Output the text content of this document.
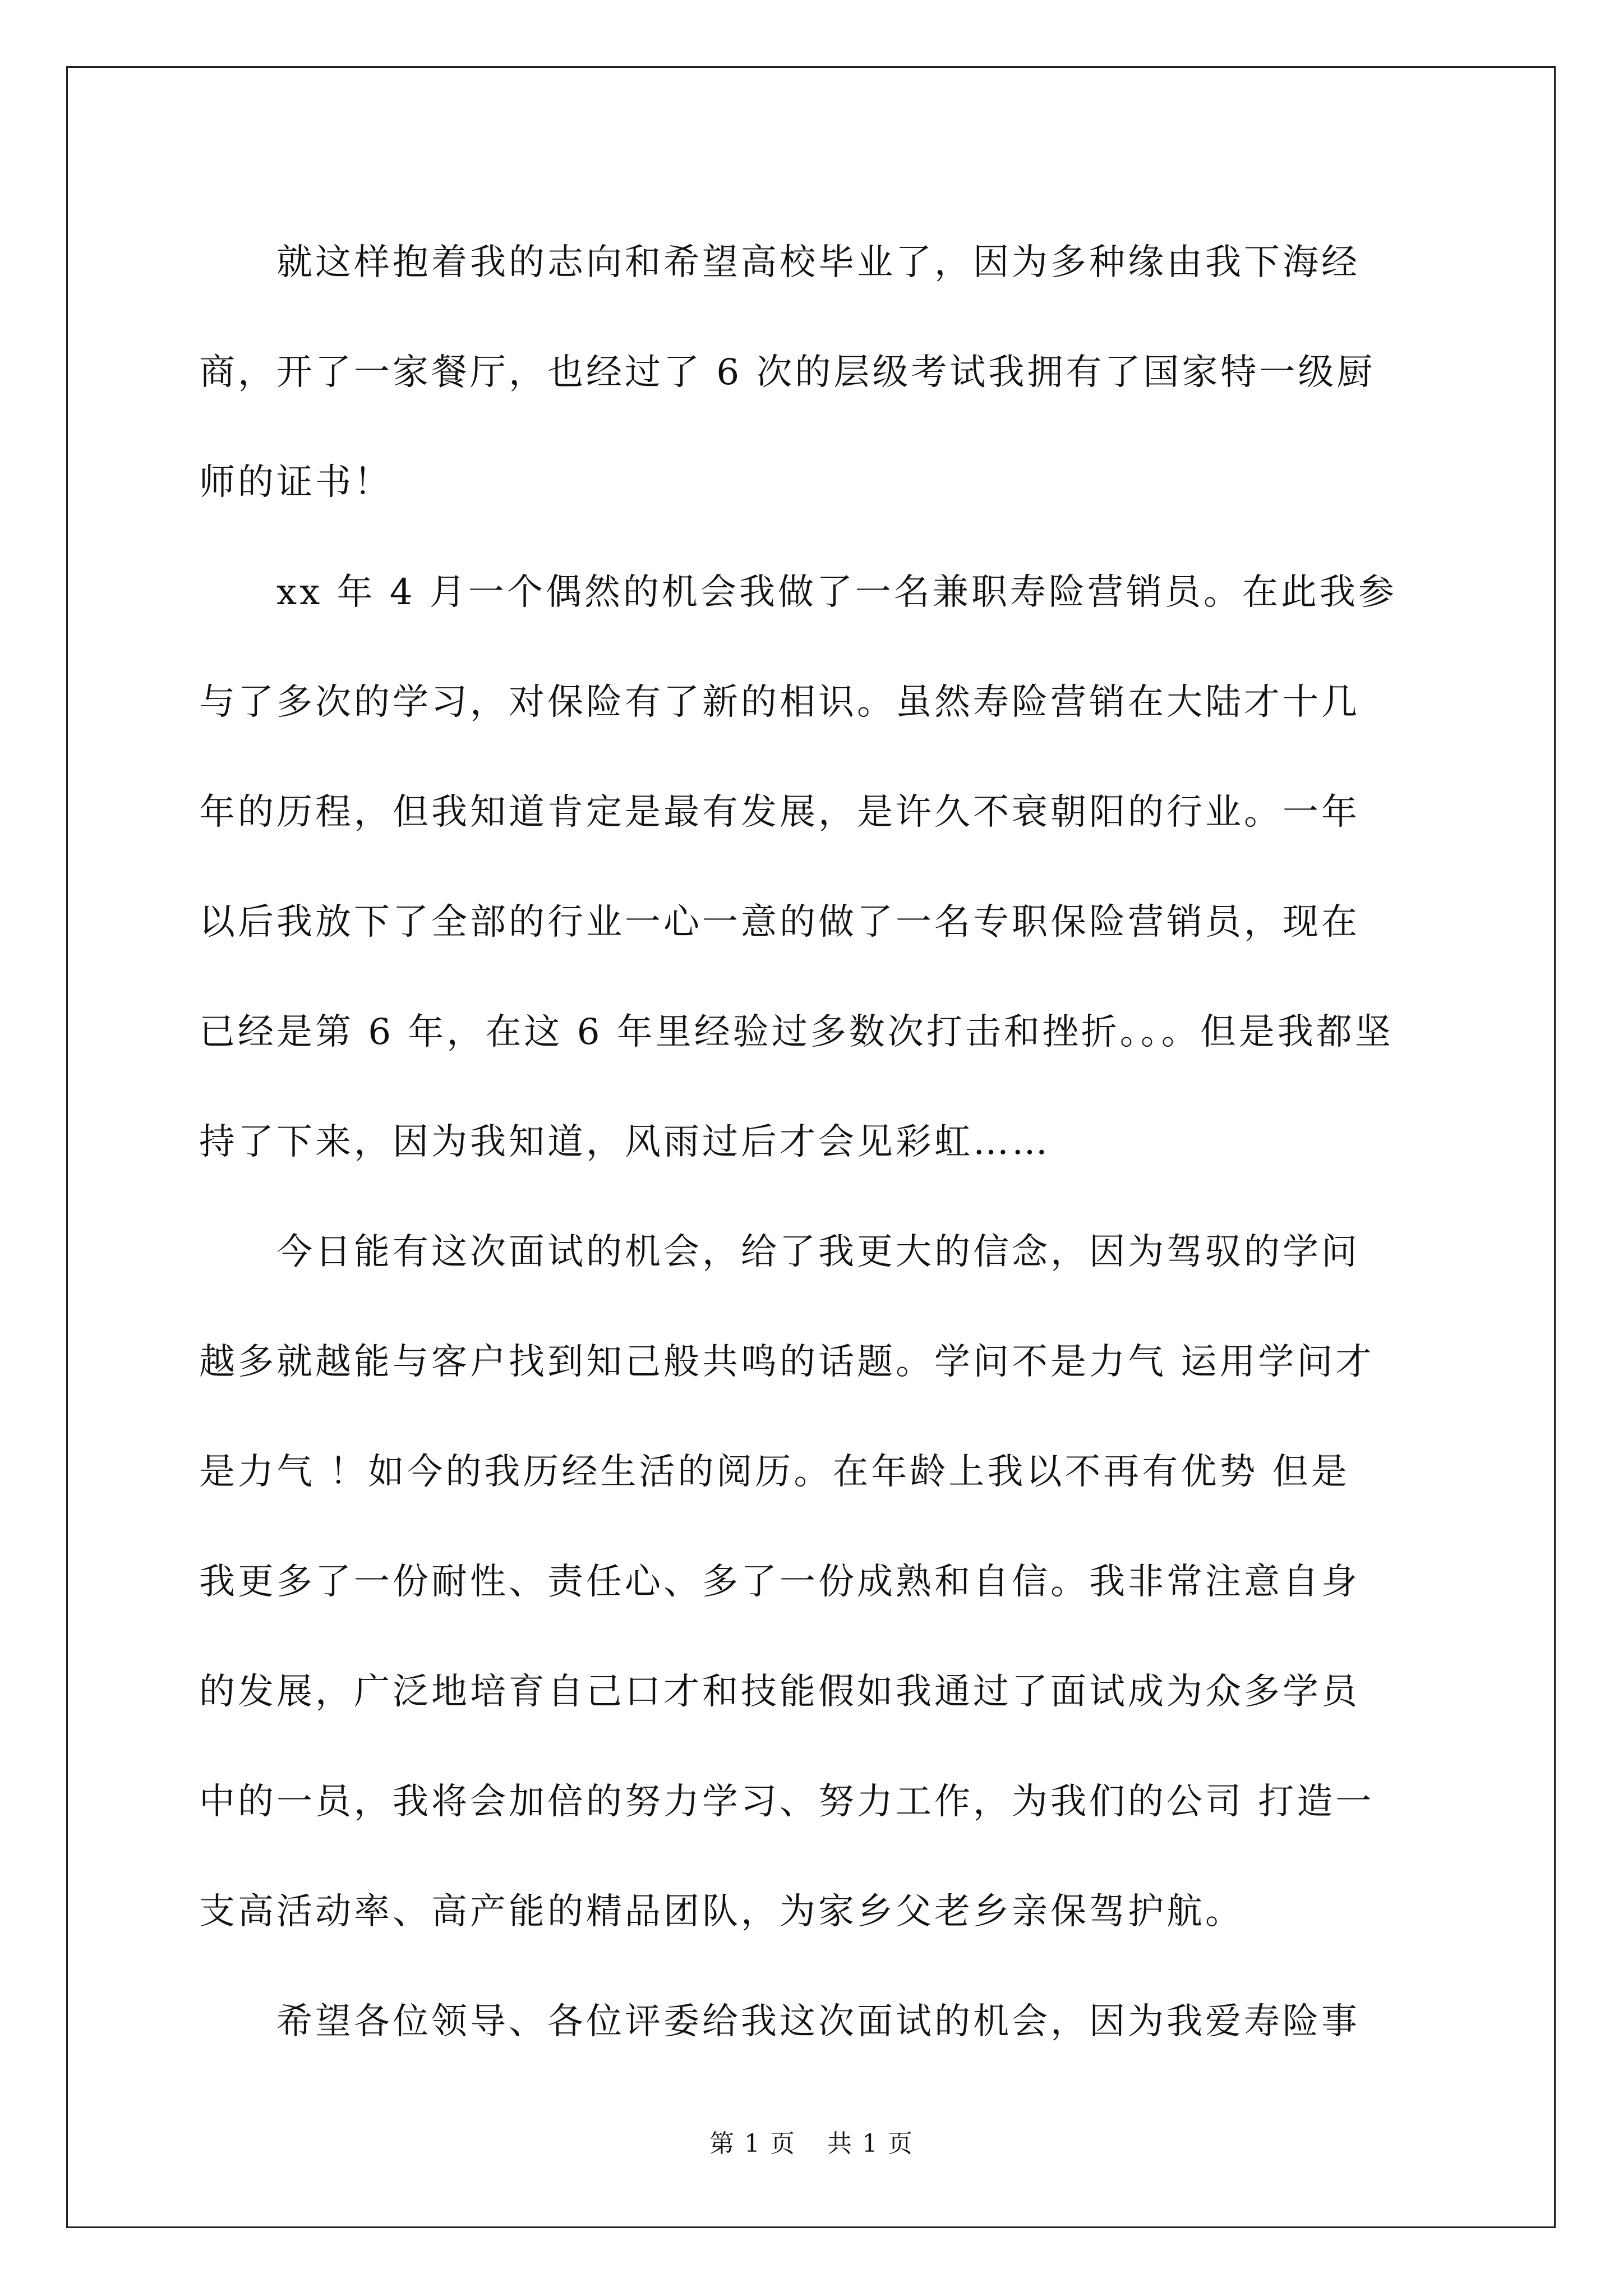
　　就这样抱着我的志向和希望高校毕业了，因为多种缘由我下海经
商，开了一家餐厅，也经过了 6 次的层级考试我拥有了国家特一级厨
师的证书！
　　xx 年 4 月一个偶然的机会我做了一名兼职寿险营销员。在此我参
与了多次的学习，对保险有了新的相识。虽然寿险营销在大陆才十几
年的历程，但我知道肯定是最有发展，是许久不衰朝阳的行业。一年
以后我放下了全部的行业一心一意的做了一名专职保险营销员，现在
已经是第 6 年，在这 6 年里经验过多数次打击和挫折。。。但是我都坚
持了下来，因为我知道，风雨过后才会见彩虹……
　　今日能有这次面试的机会，给了我更大的信念，因为驾驭的学问
越多就越能与客户找到知己般共鸣的话题。学问不是力气 运用学问才
是力气 ！如今的我历经生活的阅历。在年龄上我以不再有优势 但是
我更多了一份耐性、责任心、多了一份成熟和自信。我非常注意自身
的发展，广泛地培育自己口才和技能假如我通过了面试成为众多学员
中的一员，我将会加倍的努力学习、努力工作，为我们的公司 打造一
支高活动率、高产能的精品团队，为家乡父老乡亲保驾护航。
　　希望各位领导、各位评委给我这次面试的机会，因为我爱寿险事
第 1 页 共 1 页
